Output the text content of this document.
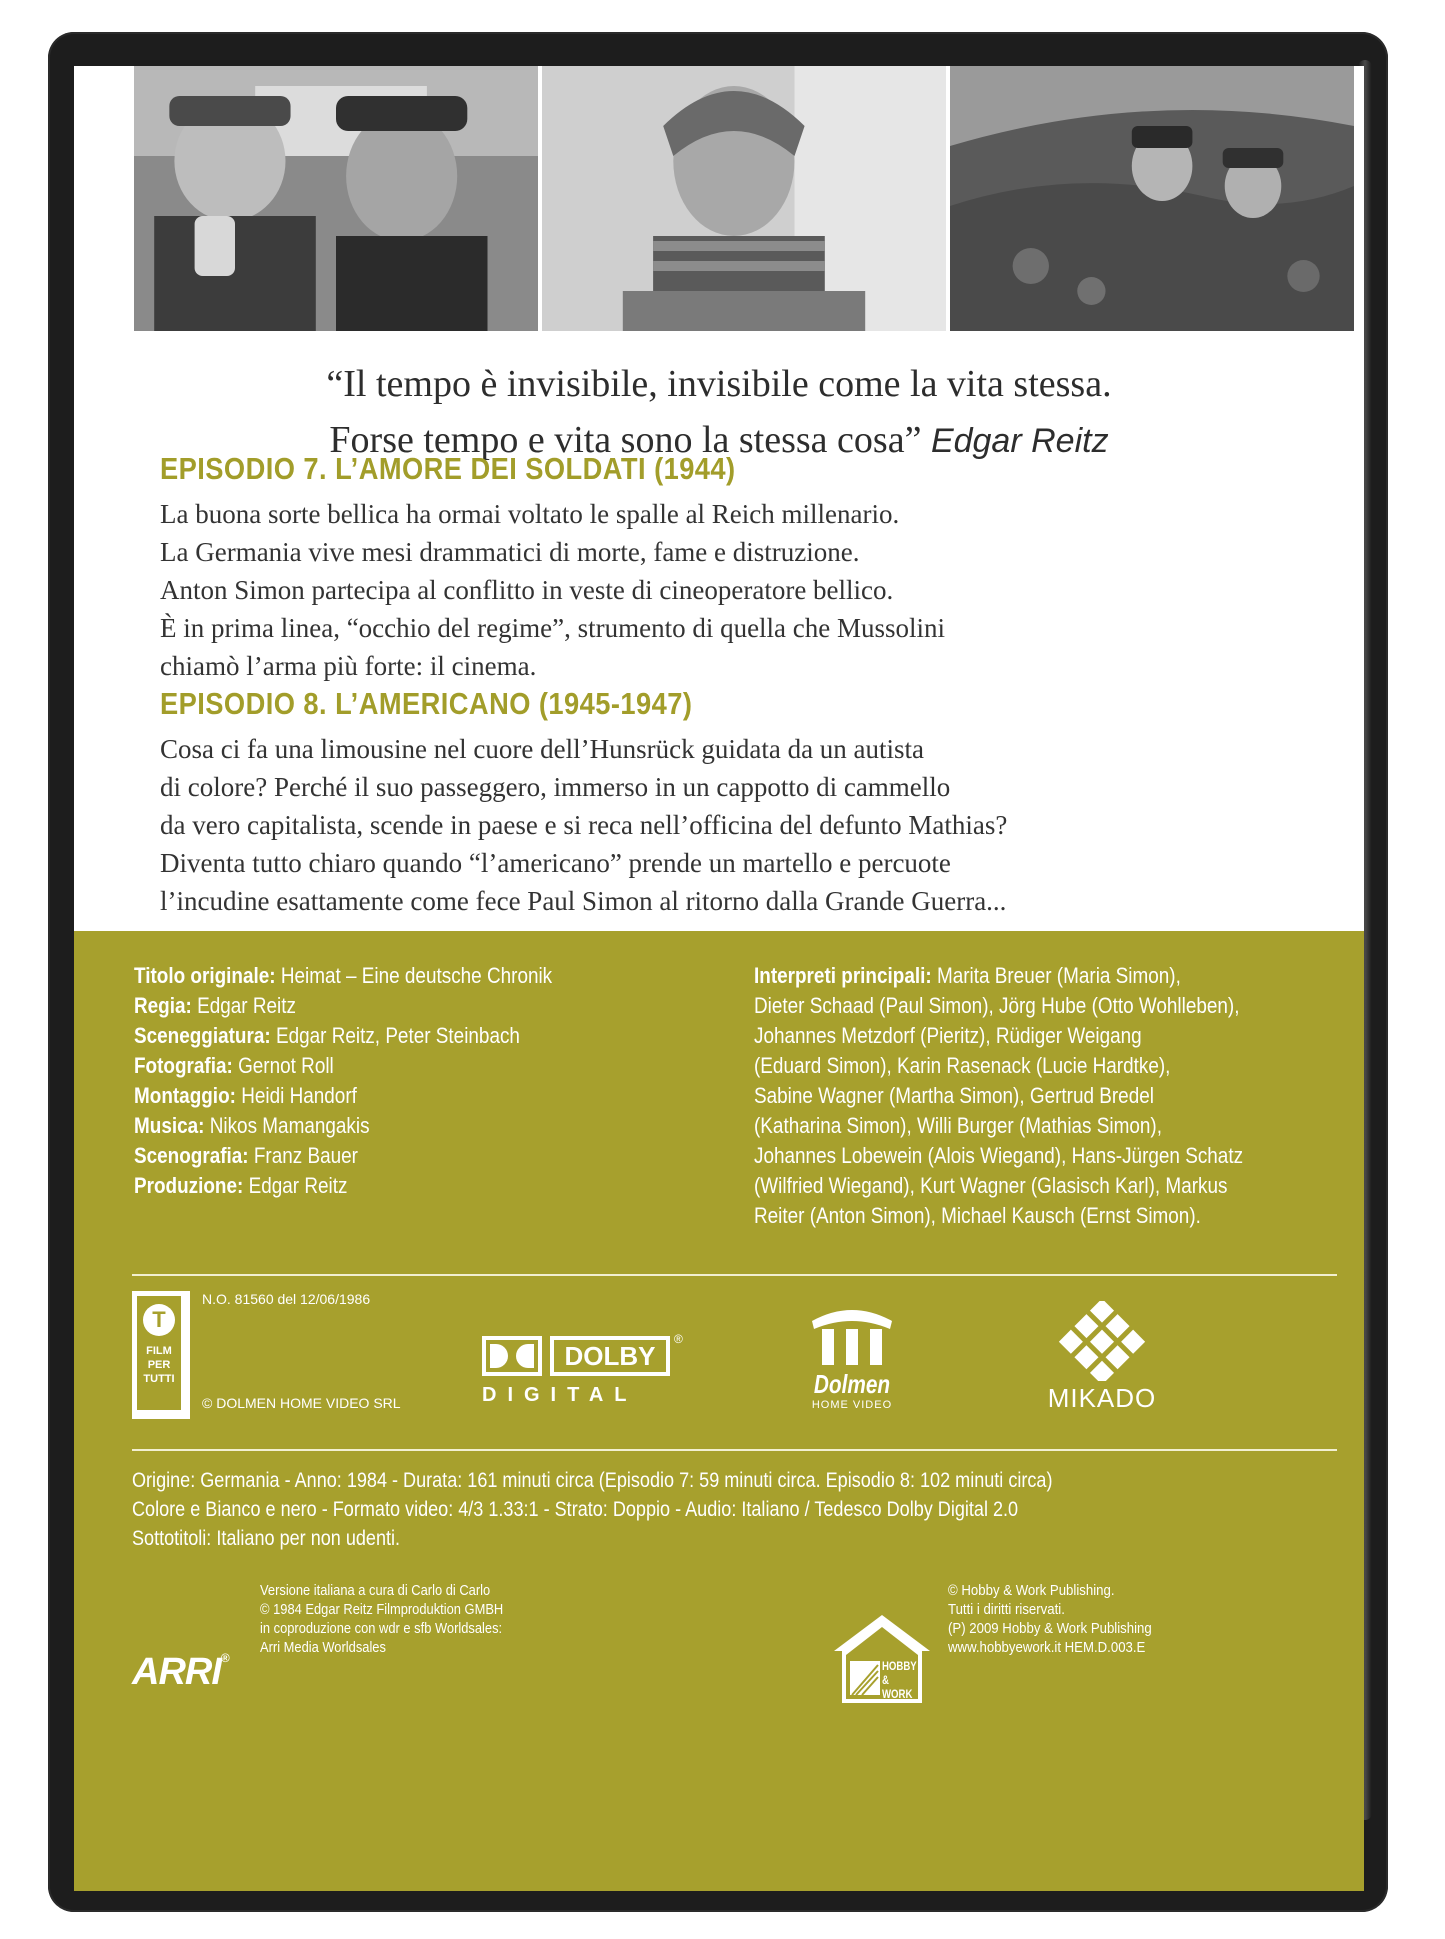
“Il tempo è invisibile, invisibile come la vita stessa.
Forse tempo e vita sono la stessa cosa” Edgar Reitz
EPISODIO 7. L’AMORE DEI SOLDATI (1944)
La buona sorte bellica ha ormai voltato le spalle al Reich millenario.
La Germania vive mesi drammatici di morte, fame e distruzione.
Anton Simon partecipa al conflitto in veste di cineoperatore bellico.
È in prima linea, “occhio del regime”, strumento di quella che Mussolini
chiamò l’arma più forte: il cinema.
EPISODIO 8. L’AMERICANO (1945-1947)
Cosa ci fa una limousine nel cuore dell’Hunsrück guidata da un autista
di colore? Perché il suo passeggero, immerso in un cappotto di cammello
da vero capitalista, scende in paese e si reca nell’officina del defunto Mathias?
Diventa tutto chiaro quando “l’americano” prende un martello e percuote
l’incudine esattamente come fece Paul Simon al ritorno dalla Grande Guerra...
Titolo originale: Heimat – Eine deutsche Chronik
Regia: Edgar Reitz
Sceneggiatura: Edgar Reitz, Peter Steinbach
Fotografia: Gernot Roll
Montaggio: Heidi Handorf
Musica: Nikos Mamangakis
Scenografia: Franz Bauer
Produzione: Edgar Reitz
Interpreti principali: Marita Breuer (Maria Simon),
Dieter Schaad (Paul Simon), Jörg Hube (Otto Wohlleben),
Johannes Metzdorf (Pieritz), Rüdiger Weigang
(Eduard Simon), Karin Rasenack (Lucie Hardtke),
Sabine Wagner (Martha Simon), Gertrud Bredel
(Katharina Simon), Willi Burger (Mathias Simon),
Johannes Lobewein (Alois Wiegand), Hans-Jürgen Schatz
(Wilfried Wiegand), Kurt Wagner (Glasisch Karl), Markus
Reiter (Anton Simon), Michael Kausch (Ernst Simon).
T
FILM PER TUTTI
N.O. 81560 del 12/06/1986
© DOLMEN HOME VIDEO SRL
DOLBY
®
DIGITAL	Dolmen
HOME VIDEO	MIKADO
Origine: Germania - Anno: 1984 - Durata: 161 minuti circa (Episodio 7: 59 minuti circa. Episodio 8: 102 minuti circa)
Colore e Bianco e nero - Formato video: 4/3 1.33:1 - Strato: Doppio - Audio: Italiano / Tedesco Dolby Digital 2.0
Sottotitoli: Italiano per non udenti.
ARRI®
Versione italiana a cura di Carlo di Carlo
© 1984 Edgar Reitz Filmproduktion GMBH
in coproduzione con wdr e sfb Worldsales:
Arri Media Worldsales
HOBBY & WORK
© Hobby & Work Publishing.
Tutti i diritti riservati.
(P) 2009 Hobby & Work Publishing
www.hobbyework.it HEM.D.003.E
